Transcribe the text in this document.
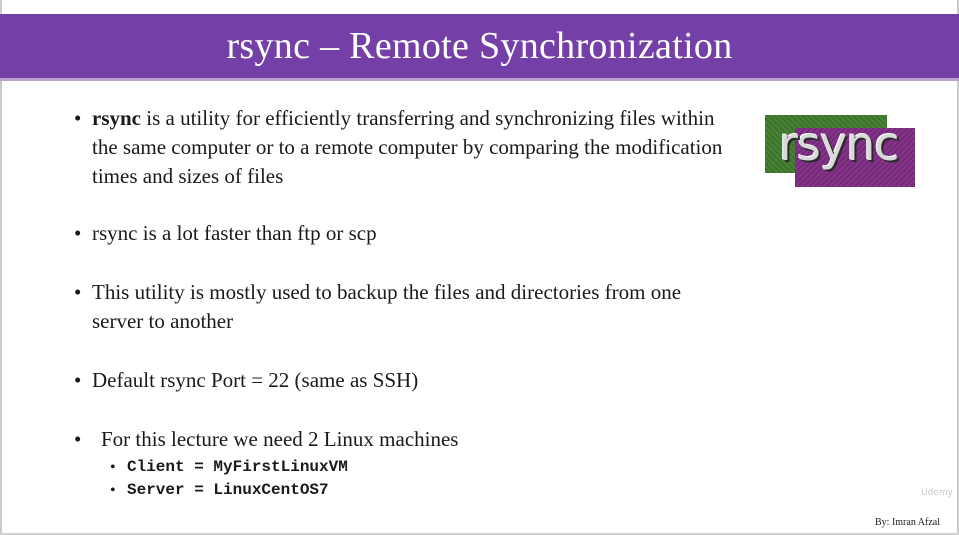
rsync – Remote Synchronization
• rsync is a utility for efficiently transferring and synchronizing files within the same computer or to a remote computer by comparing the modification times and sizes of files
• rsync is a lot faster than ftp or scp
• This utility is mostly used to backup the files and directories from one server to another
• Default rsync Port = 22 (same as SSH)
• For this lecture we need 2 Linux machines
• Client = MyFirstLinuxVM
• Server = LinuxCentOS7
rsync
Udemy
By: Imran Afzal
